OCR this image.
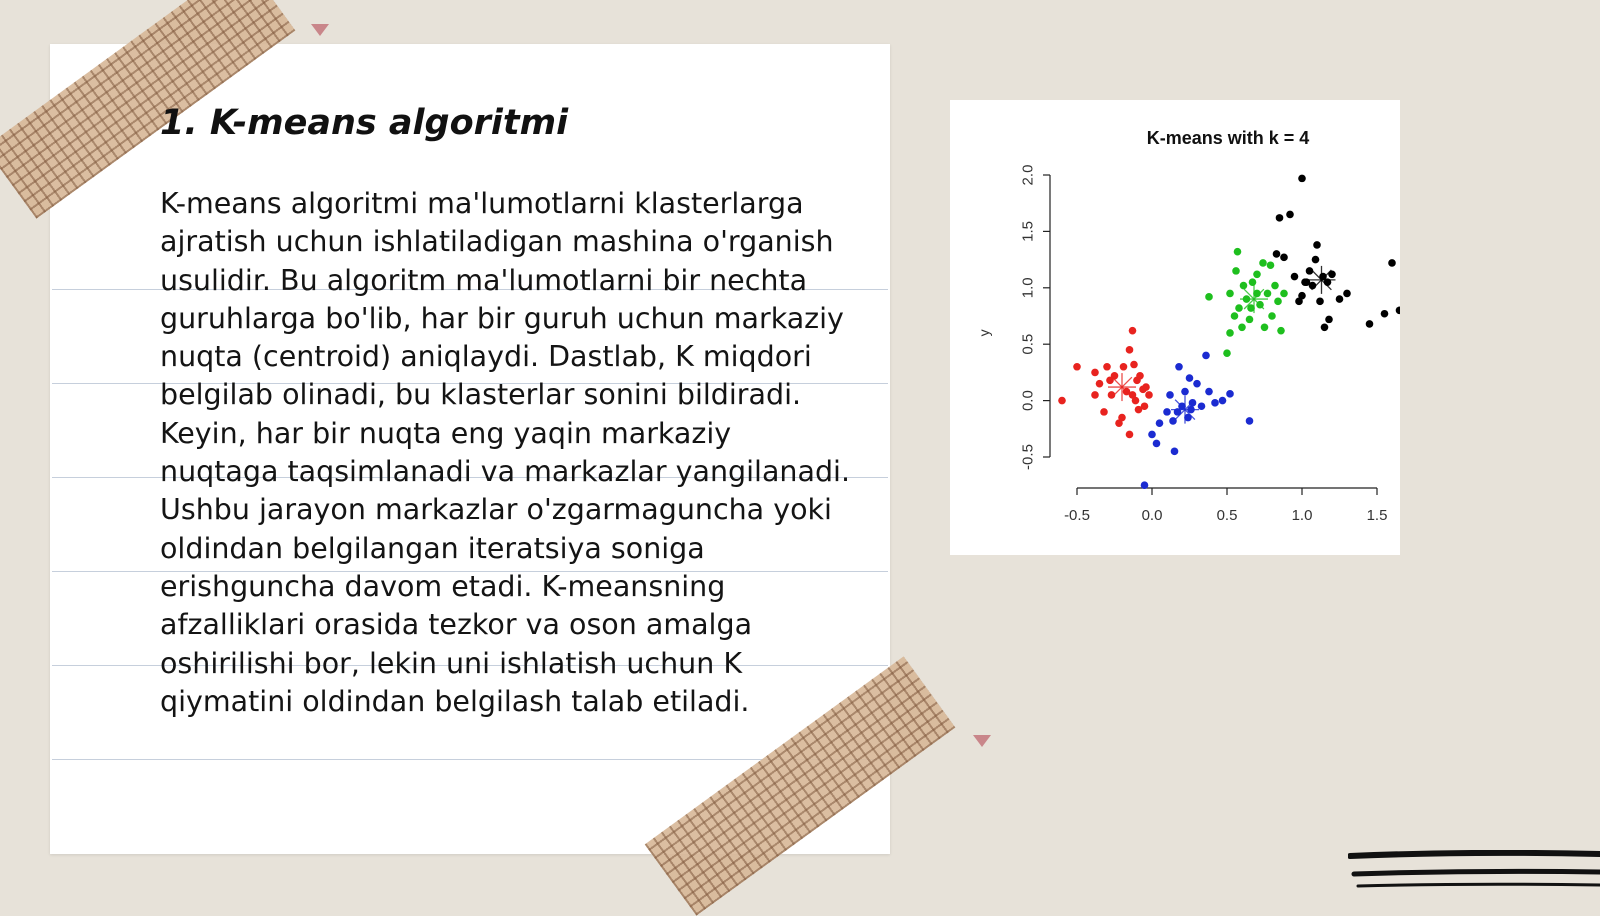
1. K-means algoritmi

K-means algoritmi ma'lumotlarni klasterlarga ajratish uchun ishlatiladigan mashina o'rganish usulidir. Bu algoritm ma'lumotlarni bir nechta guruhlarga bo'lib, har bir guruh uchun markaziy nuqta (centroid) aniqlaydi. Dastlab, K miqdori belgilab olinadi, bu klasterlar sonini bildiradi. Keyin, har bir nuqta eng yaqin markaziy nuqtaga taqsimlanadi va markazlar yangilanadi. Ushbu jarayon markazlar o'zgarmaguncha yoki oldindan belgilangan iteratsiya soniga erishguncha davom etadi. K-meansning afzalliklari orasida tezkor va oson amalga oshirilishi bor, lekin uni ishlatish uchun K qiymatini oldindan belgilash talab etiladi.

K-means with k = 4
-0.5	0.0	0.5	1.0	1.5
-0.5
0.0
0.5
1.0
1.5
2.0
y
